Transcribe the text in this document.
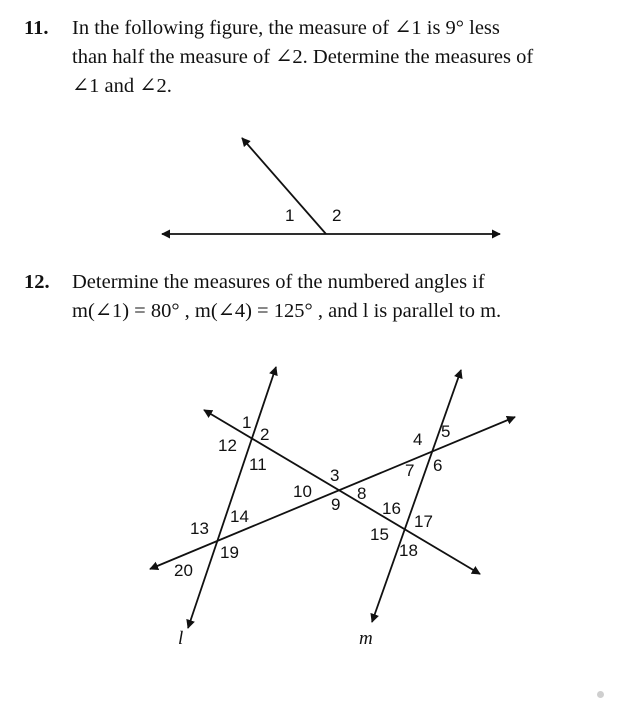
11. In the following figure, the measure of ∠1 is 9° less
than half the measure of ∠2. Determine the measures of
∠1 and ∠2.
12. Determine the measures of the numbered angles if
m(∠1) = 80° , m(∠4) = 125° , and l is parallel to m.
1 2
1
2
3
4 5
6
7
8
9
10
11
12
13
14
15
16
17
18
19
20
l	m
